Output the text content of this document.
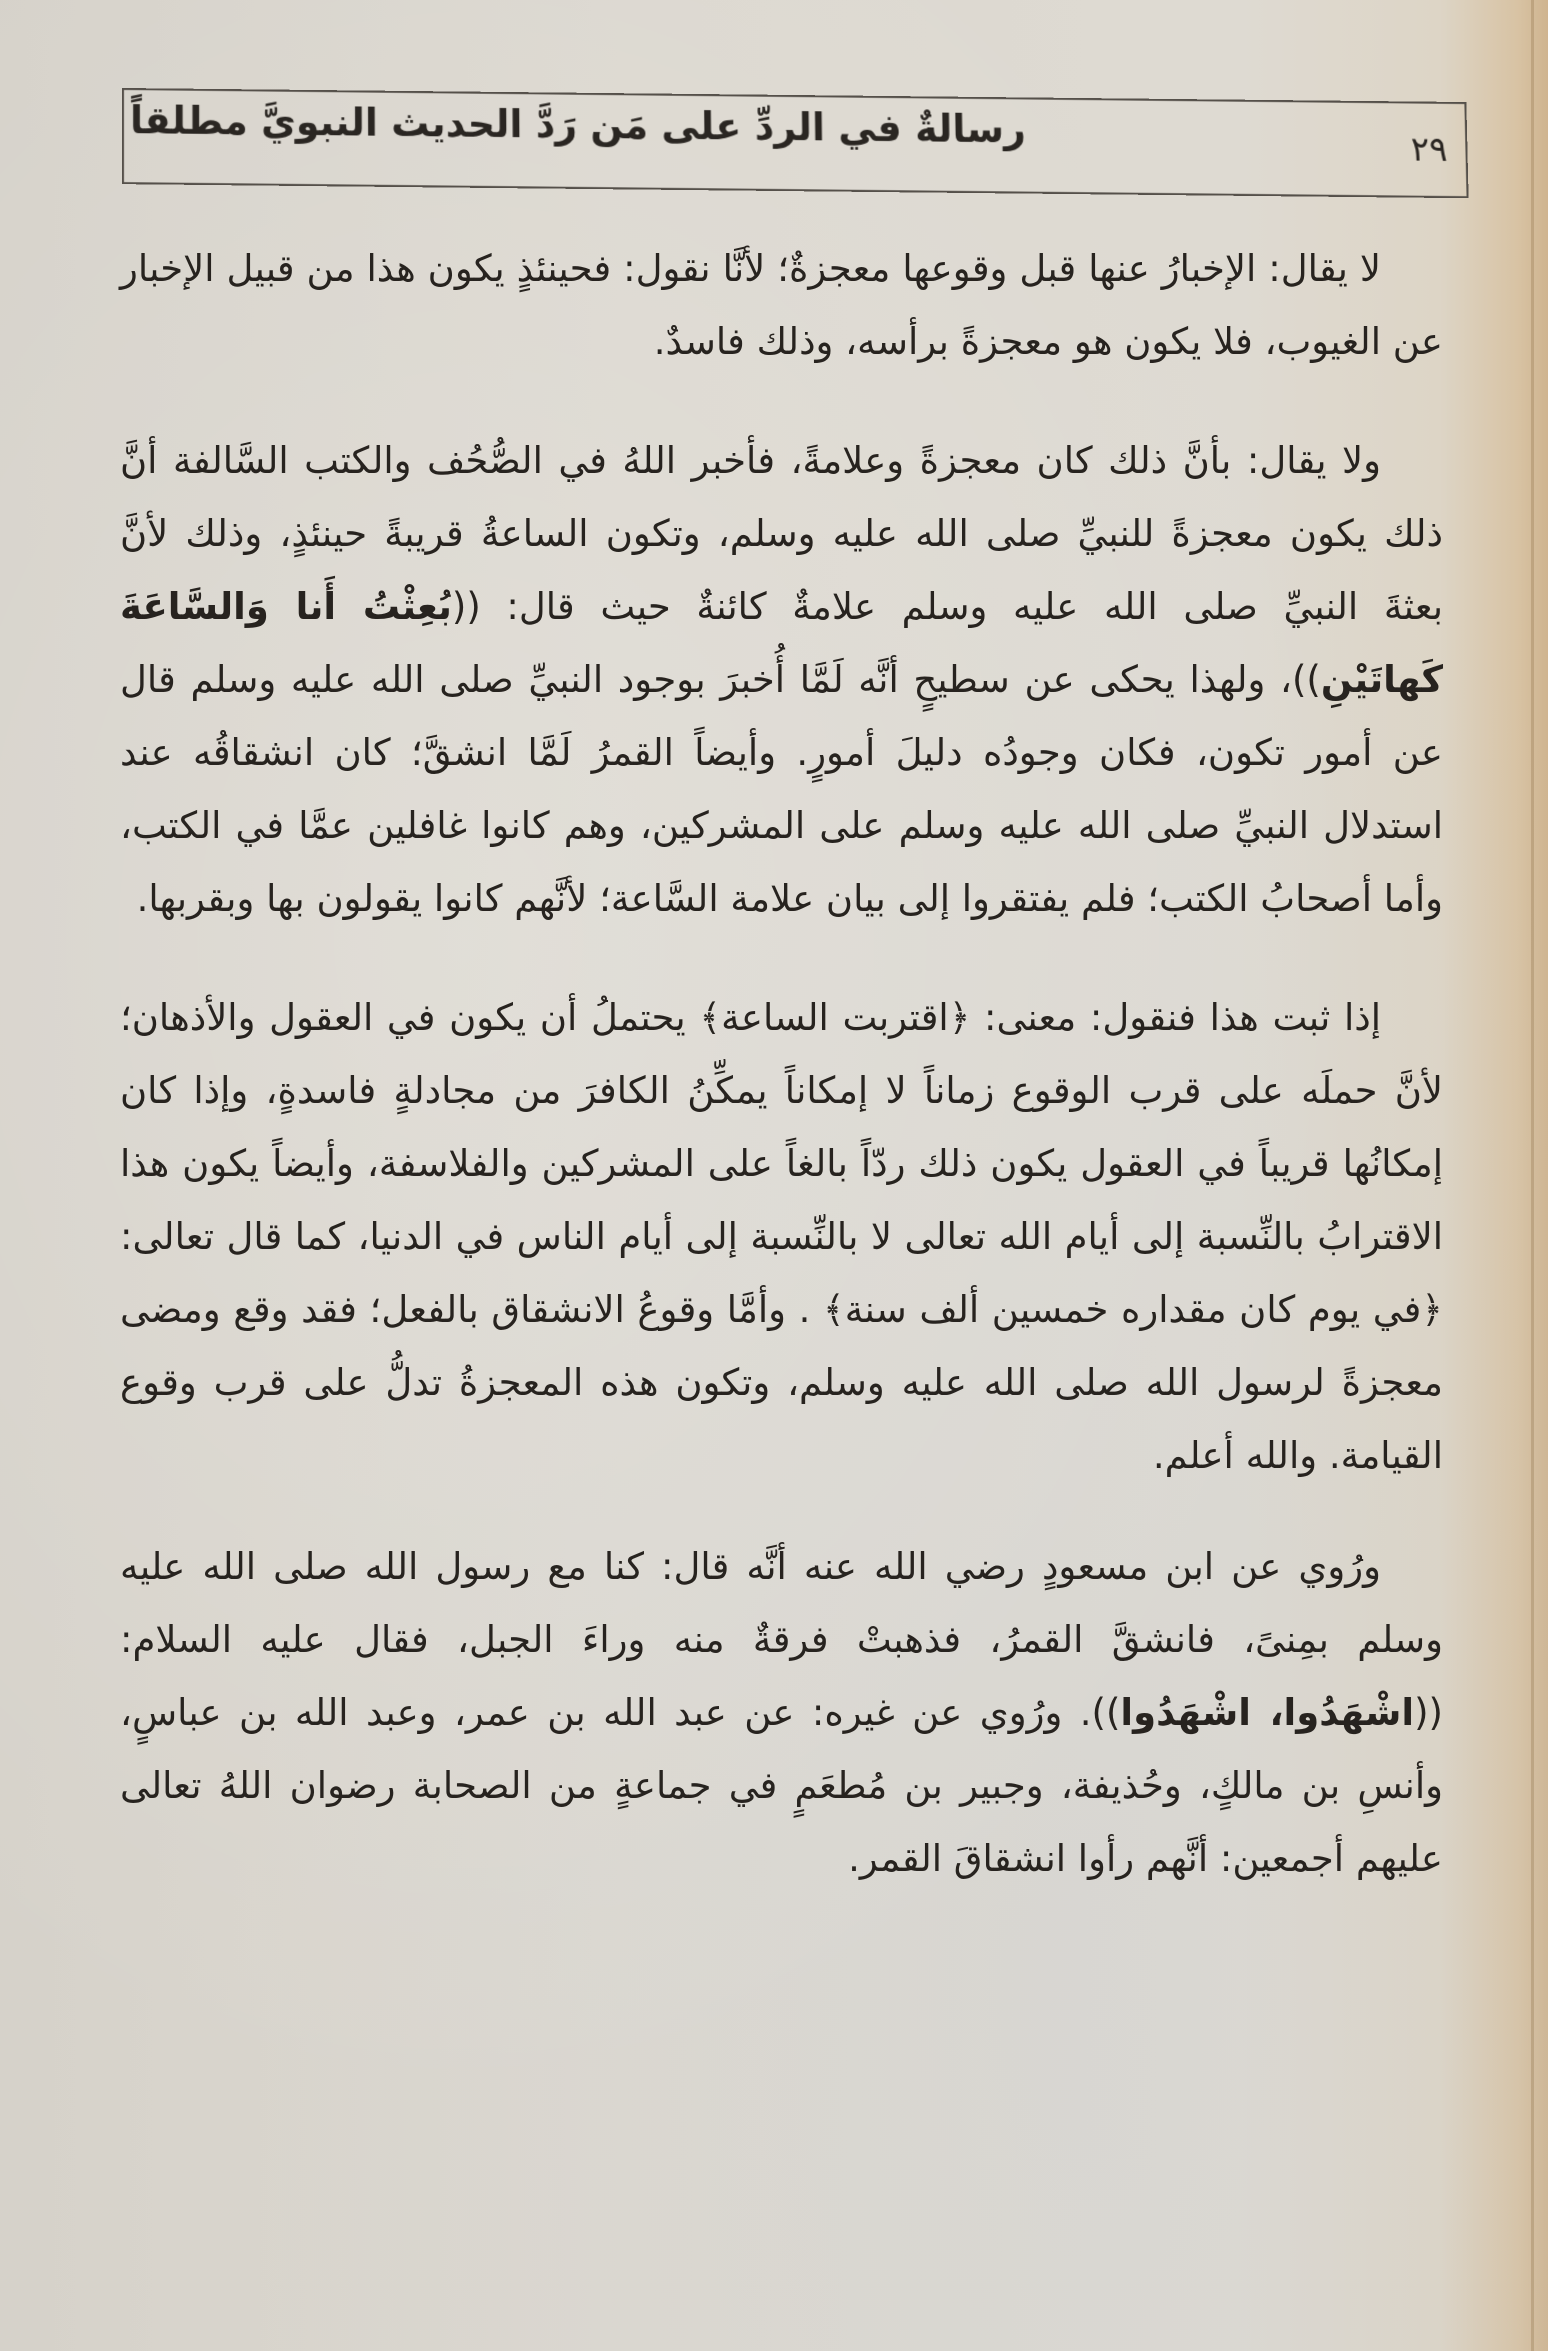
٢٩
رسالةٌ في الردِّ على مَن رَدَّ الحديث النبويَّ مطلقاً

لا يقال: الإخبارُ عنها قبل وقوعها معجزةٌ؛ لأنَّا نقول: فحينئذٍ يكون هذا من قبيل الإخبار عن الغيوب، فلا يكون هو معجزةً برأسه، وذلك فاسدٌ.

ولا يقال: بأنَّ ذلك كان معجزةً وعلامةً، فأخبر اللهُ في الصُّحُف والكتب السَّالفة أنَّ ذلك يكون معجزةً للنبيِّ صلى الله عليه وسلم، وتكون الساعةُ قريبةً حينئذٍ، وذلك لأنَّ بعثةَ النبيِّ صلى الله عليه وسلم علامةٌ كائنةٌ حيث قال: ((بُعِثْتُ أَنا وَالسَّاعَةَ كَهاتَيْنِ))، ولهذا يحكى عن سطيحٍ أنَّه لَمَّا أُخبرَ بوجود النبيِّ صلى الله عليه وسلم قال عن أمور تكون، فكان وجودُه دليلَ أمورٍ. وأيضاً القمرُ لَمَّا انشقَّ؛ كان انشقاقُه عند استدلال النبيِّ صلى الله عليه وسلم على المشركين، وهم كانوا غافلين عمَّا في الكتب، وأما أصحابُ الكتب؛ فلم يفتقروا إلى بيان علامة السَّاعة؛ لأنَّهم كانوا يقولون بها وبقربها.

إذا ثبت هذا فنقول: معنى: ﴿اقتربت الساعة﴾ يحتملُ أن يكون في العقول والأذهان؛ لأنَّ حملَه على قرب الوقوع زماناً لا إمكاناً يمكِّنُ الكافرَ من مجادلةٍ فاسدةٍ، وإذا كان إمكانُها قريباً في العقول يكون ذلك ردّاً بالغاً على المشركين والفلاسفة، وأيضاً يكون هذا الاقترابُ بالنِّسبة إلى أيام الله تعالى لا بالنِّسبة إلى أيام الناس في الدنيا، كما قال تعالى: ﴿في يوم كان مقداره خمسين ألف سنة﴾ . وأمَّا وقوعُ الانشقاق بالفعل؛ فقد وقع ومضى معجزةً لرسول الله صلى الله عليه وسلم، وتكون هذه المعجزةُ تدلُّ على قرب وقوع القيامة. والله أعلم.

ورُوي عن ابن مسعودٍ رضي الله عنه أنَّه قال: كنا مع رسول الله صلى الله عليه وسلم بمِنىً، فانشقَّ القمرُ، فذهبتْ فرقةٌ منه وراءَ الجبل، فقال عليه السلام: ((اشْهَدُوا، اشْهَدُوا)). ورُوي عن غيره: عن عبد الله بن عمر، وعبد الله بن عباسٍ، وأنسِ بن مالكٍ، وحُذيفة، وجبير بن مُطعَمٍ في جماعةٍ من الصحابة رضوان اللهُ تعالى عليهم أجمعين: أنَّهم رأوا انشقاقَ القمر.
